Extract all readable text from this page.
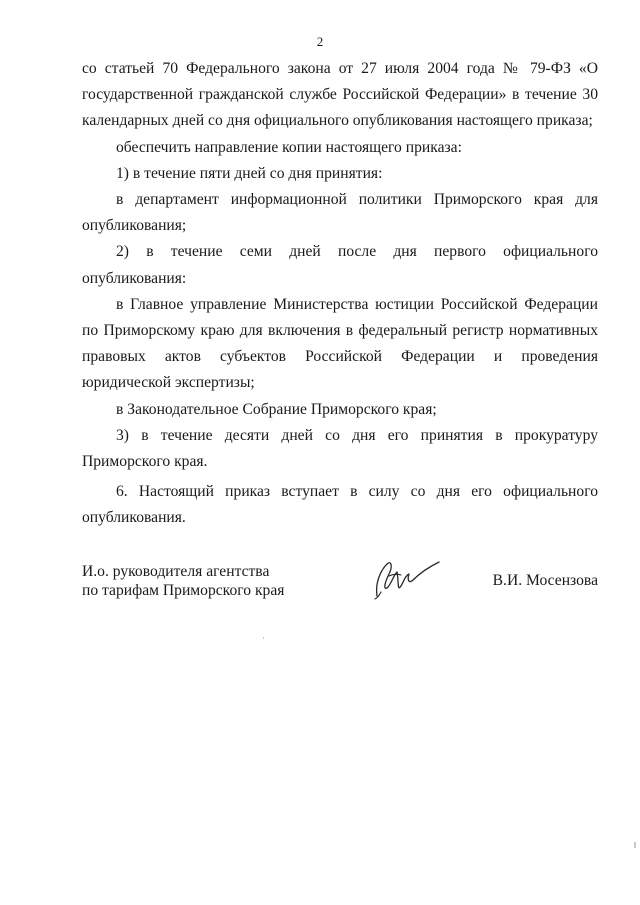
2

со статьей 70 Федерального закона от 27 июля 2004 года № 79-ФЗ «О государственной гражданской службе Российской Федерации» в течение 30 календарных дней со дня официального опубликования настоящего приказа;

обеспечить направление копии настоящего приказа:

1) в течение пяти дней со дня принятия:

в департамент информационной политики Приморского края для опубликования;

2) в течение семи дней после дня первого официального опубликования:

в Главное управление Министерства юстиции Российской Федерации по Приморскому краю для включения в федеральный регистр нормативных правовых актов субъектов Российской Федерации и проведения юридической экспертизы;

в Законодательное Собрание Приморского края;

3) в течение десяти дней со дня его принятия в прокуратуру Приморского края.

6. Настоящий приказ вступает в силу со дня его официального опубликования.

И.о. руководителя агентства
по тарифам Приморского края
В.И. Мосензова
